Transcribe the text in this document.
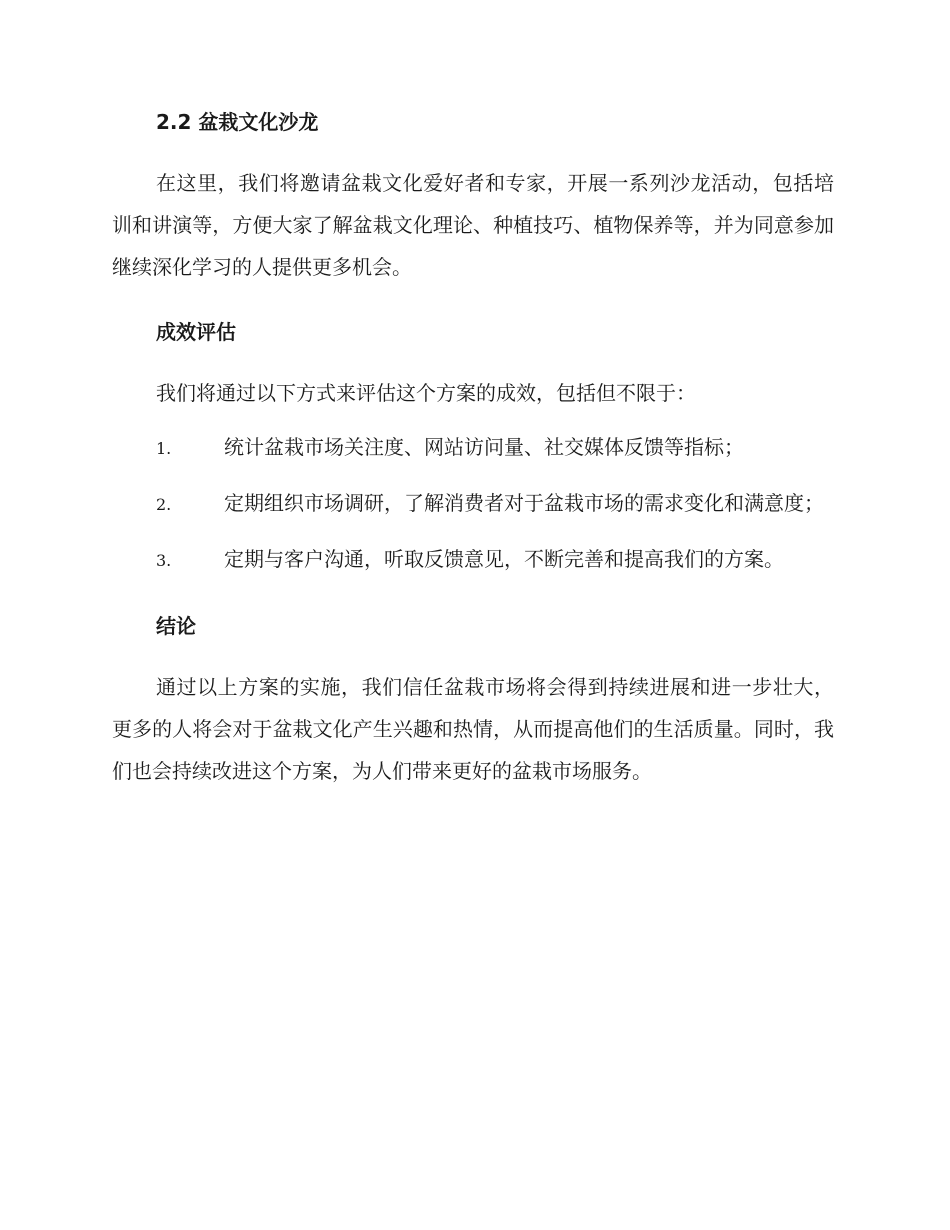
2.2 盆栽文化沙龙

在这里，我们将邀请盆栽文化爱好者和专家，开展一系列沙龙活动，包括培训和讲演等，方便大家了解盆栽文化理论、种植技巧、植物保养等，并为同意参加继续深化学习的人提供更多机会。

成效评估

我们将通过以下方式来评估这个方案的成效，包括但不限于：

1.	统计盆栽市场关注度、网站访问量、社交媒体反馈等指标；

2.	定期组织市场调研，了解消费者对于盆栽市场的需求变化和满意度；

3.	定期与客户沟通，听取反馈意见，不断完善和提高我们的方案。

结论

通过以上方案的实施，我们信任盆栽市场将会得到持续进展和进一步壮大，更多的人将会对于盆栽文化产生兴趣和热情，从而提高他们的生活质量。同时，我们也会持续改进这个方案，为人们带来更好的盆栽市场服务。
